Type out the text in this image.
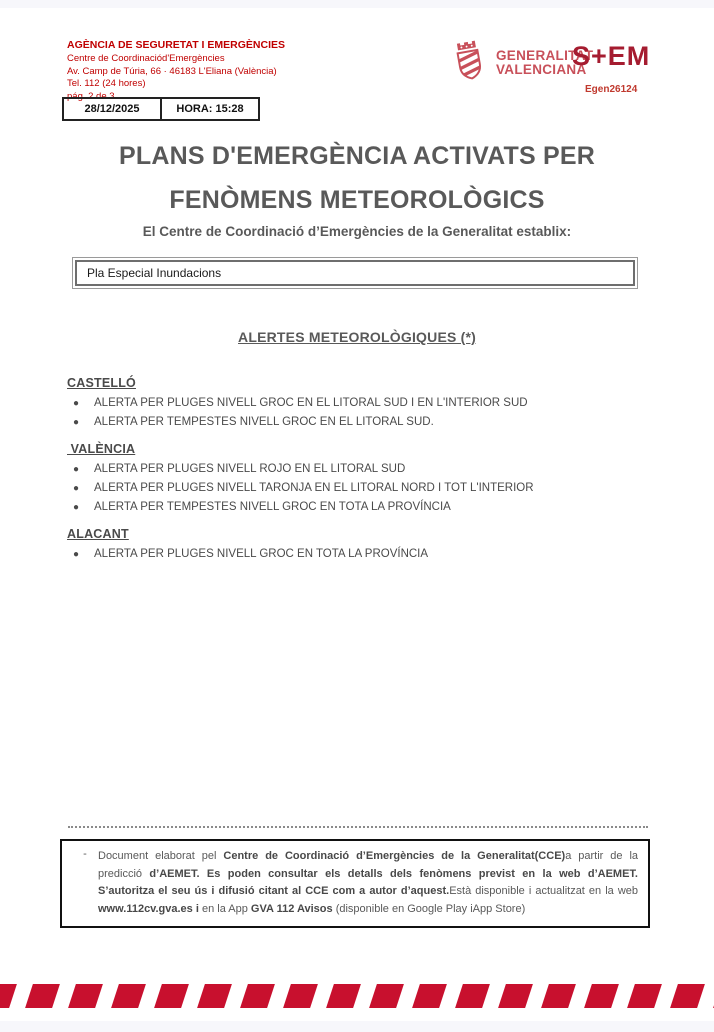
AGÈNCIA DE SEGURETAT I EMERGÈNCIES
Centre de Coordinaciód'Emergències
Av. Camp de Túria, 66 · 46183 L'Eliana (València)
Tel. 112 (24 hores)
pág. 2 de 3
28/12/2025	HORA: 15:28
GENERALITAT
VALENCIANA
S+EM
Egen26124
PLANS D'EMERGÈNCIA ACTIVATS PER FENÒMENS METEOROLÒGICS
El Centre de Coordinació d’Emergències de la Generalitat establix:
Pla Especial Inundacions
ALERTES METEOROLÒGIQUES (*)
CASTELLÓ
● ALERTA PER PLUGES NIVELL GROC EN EL LITORAL SUD I EN L'INTERIOR SUD
● ALERTA PER TEMPESTES NIVELL GROC EN EL LITORAL SUD.
VALÈNCIA
● ALERTA PER PLUGES NIVELL ROJO EN EL LITORAL SUD
● ALERTA PER PLUGES NIVELL TARONJA EN EL LITORAL NORD I TOT L'INTERIOR
● ALERTA PER TEMPESTES NIVELL GROC EN TOTA LA PROVÍNCIA
ALACANT
● ALERTA PER PLUGES NIVELL GROC EN TOTA LA PROVÍNCIA
-	Document elaborat pel Centre de Coordinació d’Emergències de la Generalitat(CCE)a partir de la predicció d’AEMET. Es poden consultar els detalls dels fenòmens previst en la web d’AEMET. S’autoritza el seu ús i difusió citant al CCE com a autor d’aquest.Està disponible i actualitzat en la web www.112cv.gva.es i en la App GVA 112 Avisos (disponible en Google Play iApp Store)
